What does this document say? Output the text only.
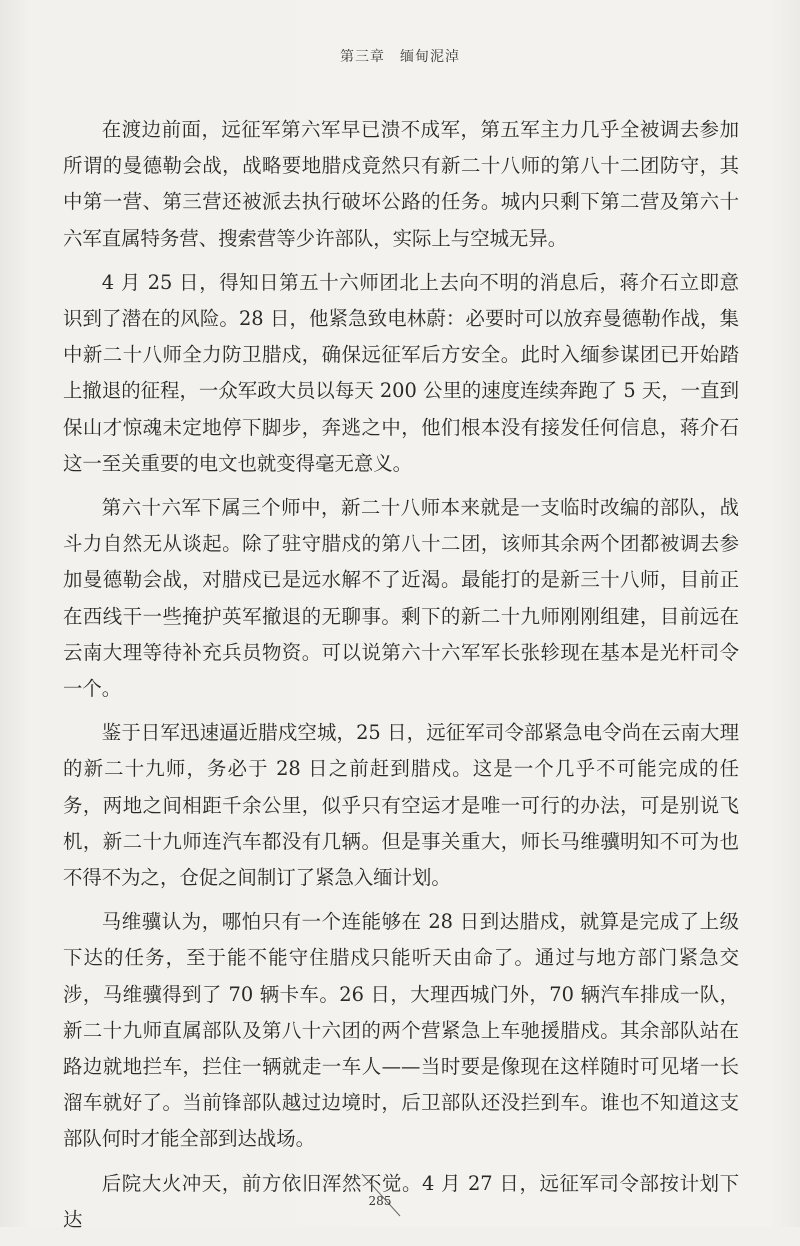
第三章　缅甸泥淖

在渡边前面，远征军第六军早已溃不成军，第五军主力几乎全被调去参加所谓的曼德勒会战，战略要地腊戍竟然只有新二十八师的第八十二团防守，其中第一营、第三营还被派去执行破坏公路的任务。城内只剩下第二营及第六十六军直属特务营、搜索营等少许部队，实际上与空城无异。

4 月 25 日，得知日第五十六师团北上去向不明的消息后，蒋介石立即意识到了潜在的风险。28 日，他紧急致电林蔚：必要时可以放弃曼德勒作战，集中新二十八师全力防卫腊戍，确保远征军后方安全。此时入缅参谋团已开始踏上撤退的征程，一众军政大员以每天 200 公里的速度连续奔跑了 5 天，一直到保山才惊魂未定地停下脚步，奔逃之中，他们根本没有接发任何信息，蒋介石这一至关重要的电文也就变得毫无意义。

第六十六军下属三个师中，新二十八师本来就是一支临时改编的部队，战斗力自然无从谈起。除了驻守腊戍的第八十二团，该师其余两个团都被调去参加曼德勒会战，对腊戍已是远水解不了近渴。最能打的是新三十八师，目前正在西线干一些掩护英军撤退的无聊事。剩下的新二十九师刚刚组建，目前远在云南大理等待补充兵员物资。可以说第六十六军军长张轸现在基本是光杆司令一个。

鉴于日军迅速逼近腊戍空城，25 日，远征军司令部紧急电令尚在云南大理的新二十九师，务必于 28 日之前赶到腊戍。这是一个几乎不可能完成的任务，两地之间相距千余公里，似乎只有空运才是唯一可行的办法，可是别说飞机，新二十九师连汽车都没有几辆。但是事关重大，师长马维骥明知不可为也不得不为之，仓促之间制订了紧急入缅计划。

马维骥认为，哪怕只有一个连能够在 28 日到达腊戍，就算是完成了上级下达的任务，至于能不能守住腊戍只能听天由命了。通过与地方部门紧急交涉，马维骥得到了 70 辆卡车。26 日，大理西城门外，70 辆汽车排成一队，新二十九师直属部队及第八十六团的两个营紧急上车驰援腊戍。其余部队站在路边就地拦车，拦住一辆就走一车人——当时要是像现在这样随时可见堵一长溜车就好了。当前锋部队越过边境时，后卫部队还没拦到车。谁也不知道这支部队何时才能全部到达战场。

后院大火冲天，前方依旧浑然不觉。4 月 27 日，远征军司令部按计划下达

285
